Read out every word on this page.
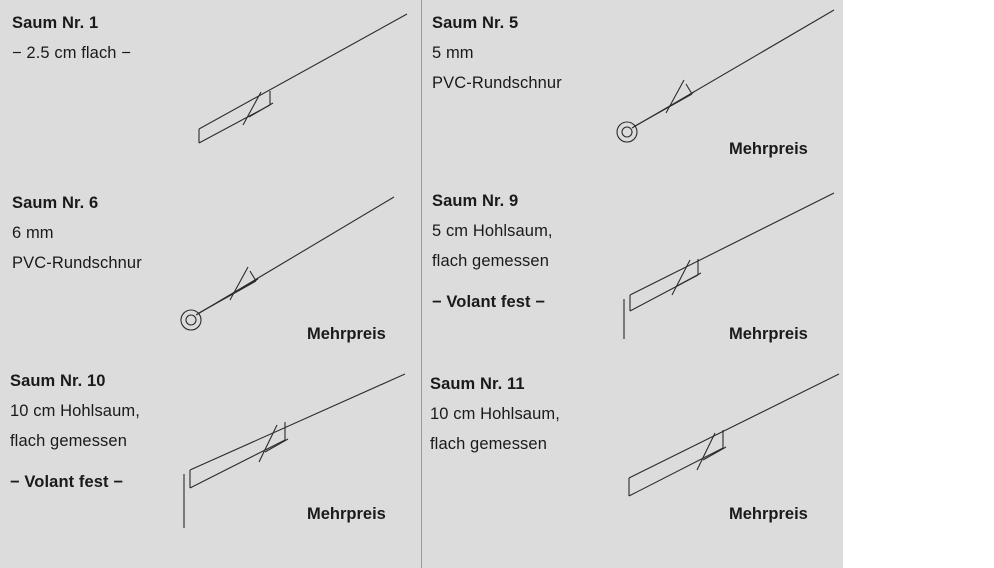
Saum Nr. 1
− 2.5 cm flach −
Saum Nr. 5
5 mm
PVC-Rundschnur
Mehrpreis
Saum Nr. 6
6 mm
PVC-Rundschnur
Mehrpreis
Saum Nr. 9
5 cm Hohlsaum,
flach gemessen
− Volant fest −
Mehrpreis
Saum Nr. 10
10 cm Hohlsaum,
flach gemessen
− Volant fest −
Mehrpreis
Saum Nr. 11
10 cm Hohlsaum,
flach gemessen
Mehrpreis
